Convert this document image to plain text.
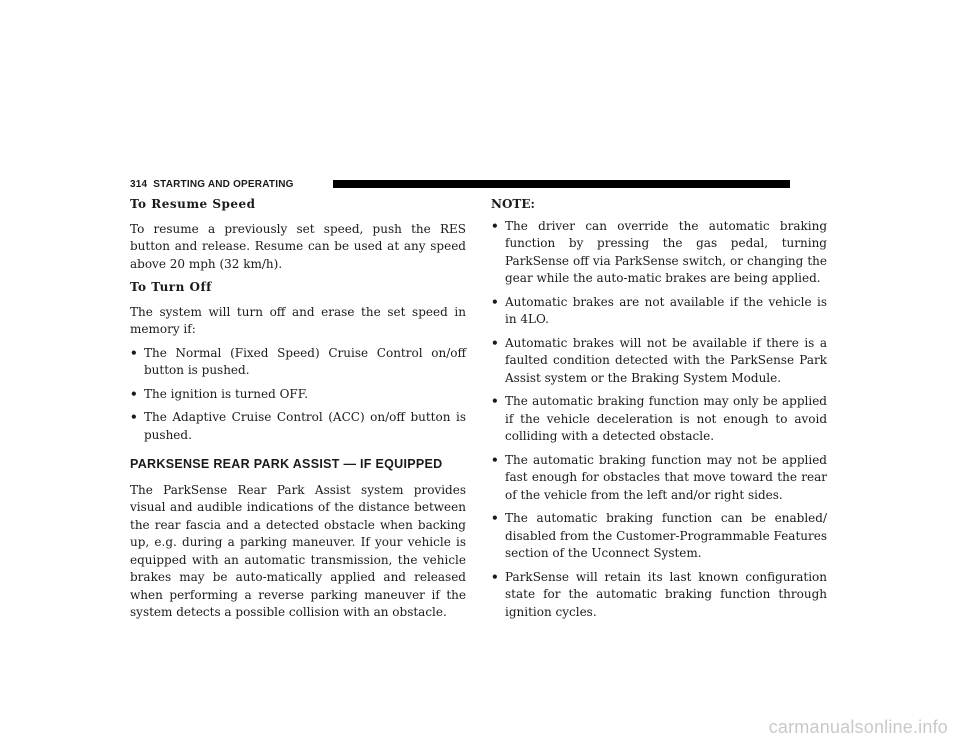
314 STARTING AND OPERATING
To Resume Speed

To resume a previously set speed, push the RES button and release. Resume can be used at any speed above 20 mph (32 km/h).

To Turn Off

The system will turn off and erase the set speed in memory if:

• The Normal (Fixed Speed) Cruise Control on/off button is pushed.
• The ignition is turned OFF.
• The Adaptive Cruise Control (ACC) on/off button is pushed.
PARKSENSE REAR PARK ASSIST — IF EQUIPPED

The ParkSense Rear Park Assist system provides visual and audible indications of the distance between the rear fascia and a detected obstacle when backing up, e.g. during a parking maneuver. If your vehicle is equipped with an automatic transmission, the vehicle brakes may be auto-matically applied and released when performing a reverse parking maneuver if the system detects a possible collision with an obstacle.

NOTE:
• The driver can override the automatic braking function by pressing the gas pedal, turning ParkSense off via ParkSense switch, or changing the gear while the auto-matic brakes are being applied.
• Automatic brakes are not available if the vehicle is in 4LO.
• Automatic brakes will not be available if there is a faulted condition detected with the ParkSense Park Assist system or the Braking System Module.
• The automatic braking function may only be applied if the vehicle deceleration is not enough to avoid colliding with a detected obstacle.
• The automatic braking function may not be applied fast enough for obstacles that move toward the rear of the vehicle from the left and/or right sides.
• The automatic braking function can be enabled/ disabled from the Customer-Programmable Features section of the Uconnect System.
• ParkSense will retain its last known configuration state for the automatic braking function through ignition cycles.
carmanualsonline.info
